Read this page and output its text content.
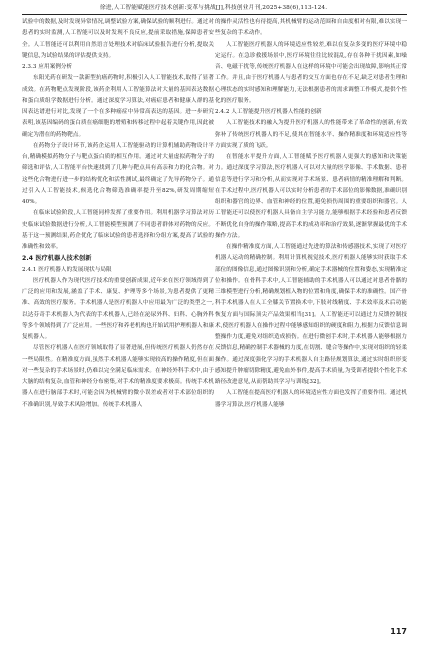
徐进,人工智能赋能医疗技术创新:变革与挑战[J],科技创业月刊,2025+38(6),113-124.

试验中的数据,及时发现异常情况,调整试验方案,确保试验的顺利进行。通过对患者的实时监测,人工智能可以及时发现不良反应,提前采取措施,保障患者安全。人工智能还可以利用自然语言处理技术对临床试验报告进行分析,提取关键信息,为试验结果的评估提供支持。

2.3.3 应用案例分析

东阳光药在研发一款新型抗癌药物时,积极引入人工智能技术,取得了显著成效。在药物靶点发现阶段,该药企利用人工智能算法对大量的基因表达数据和蛋白质组学数据进行分析。通过深度学习算法,对癌症患者和健康人群的基因表达谱进行对比,发现了一个在多种癌症中异常高表达的基因。进一步研究表明,该基因编码的蛋白质在癌细胞的增殖和转移过程中起着关键作用,因此被确定为潜在的药物靶点。

在药物分子设计环节,该药企运用人工智能驱动的计算机辅助药物设计平台,精确模拟药物分子与靶点蛋白质的相互作用。通过对大量虚拟药物分子的筛选和评估,人工智能平台快速找到了几种与靶点具有高亲和力的化合物。对这些化合物进行进一步的结构优化和活性测试,最终确定了先导药物分子。通过引入人工智能技术,候选化合物筛选准确率提升至82%,研发周期缩短40%。

在临床试验阶段,人工智能同样发挥了重要作用。利用机器学习算法对历史临床试验数据进行分析,人工智能模型预测了不同患者群体对药物的反应。基于这一预测结果,药企优化了临床试验的患者选择和分组方案,提高了试验的准确性和效率。

2.4 医疗机器人技术创新
2.4.1 医疗机器人的发展现状与局限

医疗机器人作为现代医疗技术的重要创新成果,近年来在医疗领域得到了广泛的应用和发展,涵盖了手术、康复、护理等多个场景,为患者提供了更精准、高效的医疗服务。手术机器人是医疗机器人中应用最为广泛的类型之一,以达芬奇手术机器人为代表的手术机器人,已经在泌尿外科、妇科、心胸外科等多个领域得到了广泛应用。一些医疗和养老机构也开始试用护理机器人和康复机器人。

尽管医疗机器人在医疗领域取得了显著进展,但传统医疗机器人仍然存在一些局限性。在精准度方面,虽然手术机器人能够实现较高的操作精度,但在面对一些复杂的手术场景时,仍难以完全满足临床需求。在神经外科手术中,由于大脑的结构复杂,血管和神经分布密集,对手术的精准度要求极高。传统手术机器人在进行脑部手术时,可能会因为机械臂的微小误差或者对手术部位组织的不准确识别,导致手术风险增加。传统手术机器人

的操作灵活性也有待提高,其机械臂的运动范围和自由度相对有限,难以实现一些复杂的手术动作。

人工智能医疗机器人的环境适应性较差,难以在复杂多变的医疗环境中稳定运行。在急诊救援场景中,医疗环境往往比较混乱,存在各种干扰因素,如噪音、电磁干扰等,传统医疗机器人在这样的环境中可能会出现故障,影响其正常工作。并且,由于医疗机器人与患者的交互方面也存在不足,缺乏对患者生理和心理状态的实时感知和理解能力,无法根据患者的需求调整工作模式,提供个性化的医疗服务。

2.4.2 人工智能提升医疗机器人性能的创新

人工智能技术的融入为提升医疗机器人的性能带来了革命性的创新,有效弥补了传统医疗机器人的不足,使其在智能水平、操作精准度和环境适应性等方面实现了质的飞跃。

在智能水平提升方面,人工智能赋予医疗机器人更强大的感知和决策能力。通过深度学习算法,医疗机器人可以对大量的医学影像、手术数据、患者信息等进行学习和分析,从而实现对手术场景、患者病情的精准理解和判断。在手术过程中,医疗机器人可以实时分析患者的手术部位的影像数据,准确识别组织和器官的边界、血管和神经的位置,避免损伤周围的重要组织和器官。人工智能还可以使医疗机器人具备自主学习能力,能够根据手术经验和患者反馈不断优化自身的操作策略,提高手术的成功率和治疗效果,逐渐掌握最优的手术操作方法。

在操作精准度方面,人工智能通过先进的算法和传感器技术,实现了对医疗机器人运动的精确控制。利用计算机视觉技术,医疗机器人能够实时获取手术部位的图像信息,通过图像识别和分析,确定手术器械的位置和姿态,实现精准定位和操作。在骨科手术中,人工智能辅助的手术机器人可以通过对患者骨骼的三维模型进行分析,精确规划植入物的位置和角度,确保手术的准确性。国产骨科手术机器人在人工全膝关节置换术中,下肢对线精度、手术效率及术后功能恢复方面与国际顶尖产品效果相当[31]。人工智能还可以通过力反馈控制技术,使医疗机器人在操作过程中能够感知组织的硬度和阻力,根据力反馈信息调整操作力度,避免对组织造成损伤。在进行微创手术时,手术机器人能够根据力反馈信息,精确控制手术器械的力度,在切割、缝合等操作中,实现对组织的轻柔操作。通过深度强化学习的手术机器人自主路径规划算法,通过实时组织形变感知提升肿瘤切除精度,避免血外事件,提高手术质量,为受训者提供个性化手术路径改进意见,从而帮助其学习与训练[32]。

人工智能在提高医疗机器人的环境适应性方面也发挥了重要作用。通过机器学习算法,医疗机器人能够

117
